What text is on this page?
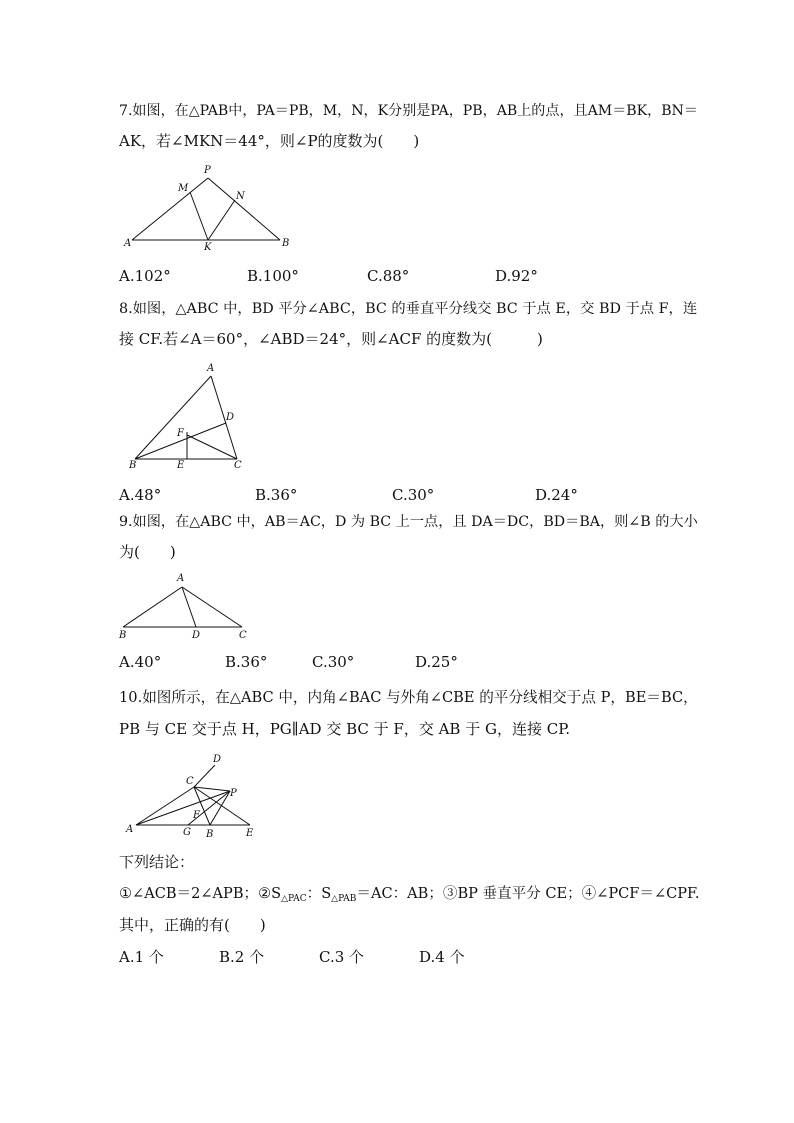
7.如图，在△PAB中，PA＝PB，M，N，K分别是PA，PB，AB上的点，且AM＝BK，BN＝
AK，若∠MKN＝44°，则∠P的度数为(　　)
P
M
N
A	K	B
A.102°	B.100°	C.88°	D.92°
8.如图，△ABC 中，BD 平分∠ABC，BC 的垂直平分线交 BC 于点 E，交 BD 于点 F，连
接 CF.若∠A＝60°，∠ABD＝24°，则∠ACF 的度数为(　　　)
A
D
F
B	E	C
A.48°	B.36°	C.30°	D.24°
9.如图，在△ABC 中，AB＝AC，D 为 BC 上一点，且 DA＝DC，BD＝BA，则∠B 的大小
为(　　)
A
B	D	C
A.40°	B.36°	C.30°	D.25°
10.如图所示，在△ABC 中，内角∠BAC 与外角∠CBE 的平分线相交于点 P，BE＝BC，
PB 与 CE 交于点 H，PG∥AD 交 BC 于 F，交 AB 于 G，连接 CP.
D
C
P
F
A	G B	E
下列结论：
①∠ACB＝2∠APB；$②S_{\triangle PAC}$：$S_{\triangle PAB}=AC$：AB；③BP 垂直平分 CE；④∠PCF＝∠CPF.
其中，正确的有(　　)
A.1 个	B.2 个	C.3 个	D.4 个
